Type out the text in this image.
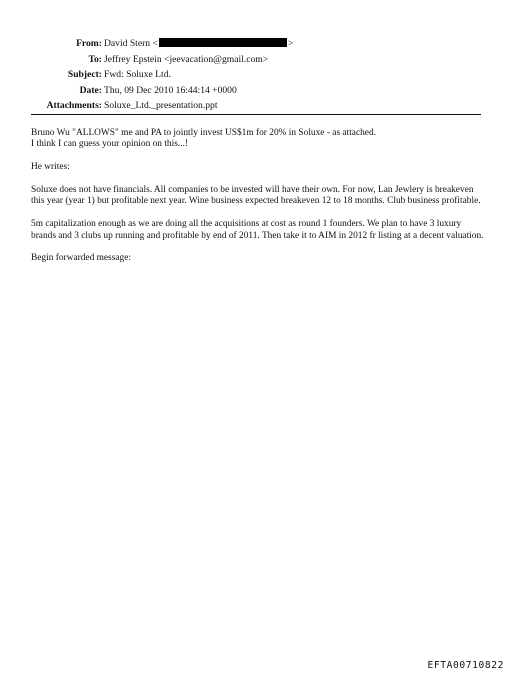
From: David Stern <	>
To: Jeffrey Epstein <jeevacation@gmail.com>
Subject: Fwd: Soluxe Ltd.
Date: Thu, 09 Dec 2010 16:44:14 +0000
Attachments: Soluxe_Ltd._presentation.ppt
Bruno Wu "ALLOWS" me and PA to jointly invest US$1m for 20% in Soluxe - as attached.
I think I can guess your opinion on this...!
He writes:
Soluxe does not have financials. All companies to be invested will have their own. For now, Lan Jewlery is breakeven this year (year 1) but profitable next year. Wine business expected breakeven 12 to 18 months. Club business profitable.
5m capitalization enough as we are doing all the acquisitions at cost as round 1 founders. We plan to have 3 luxury brands and 3 clubs up running and profitable by end of 2011. Then take it to AIM in 2012 fr listing at a decent valuation.
Begin forwarded message:
EFTA00710822
